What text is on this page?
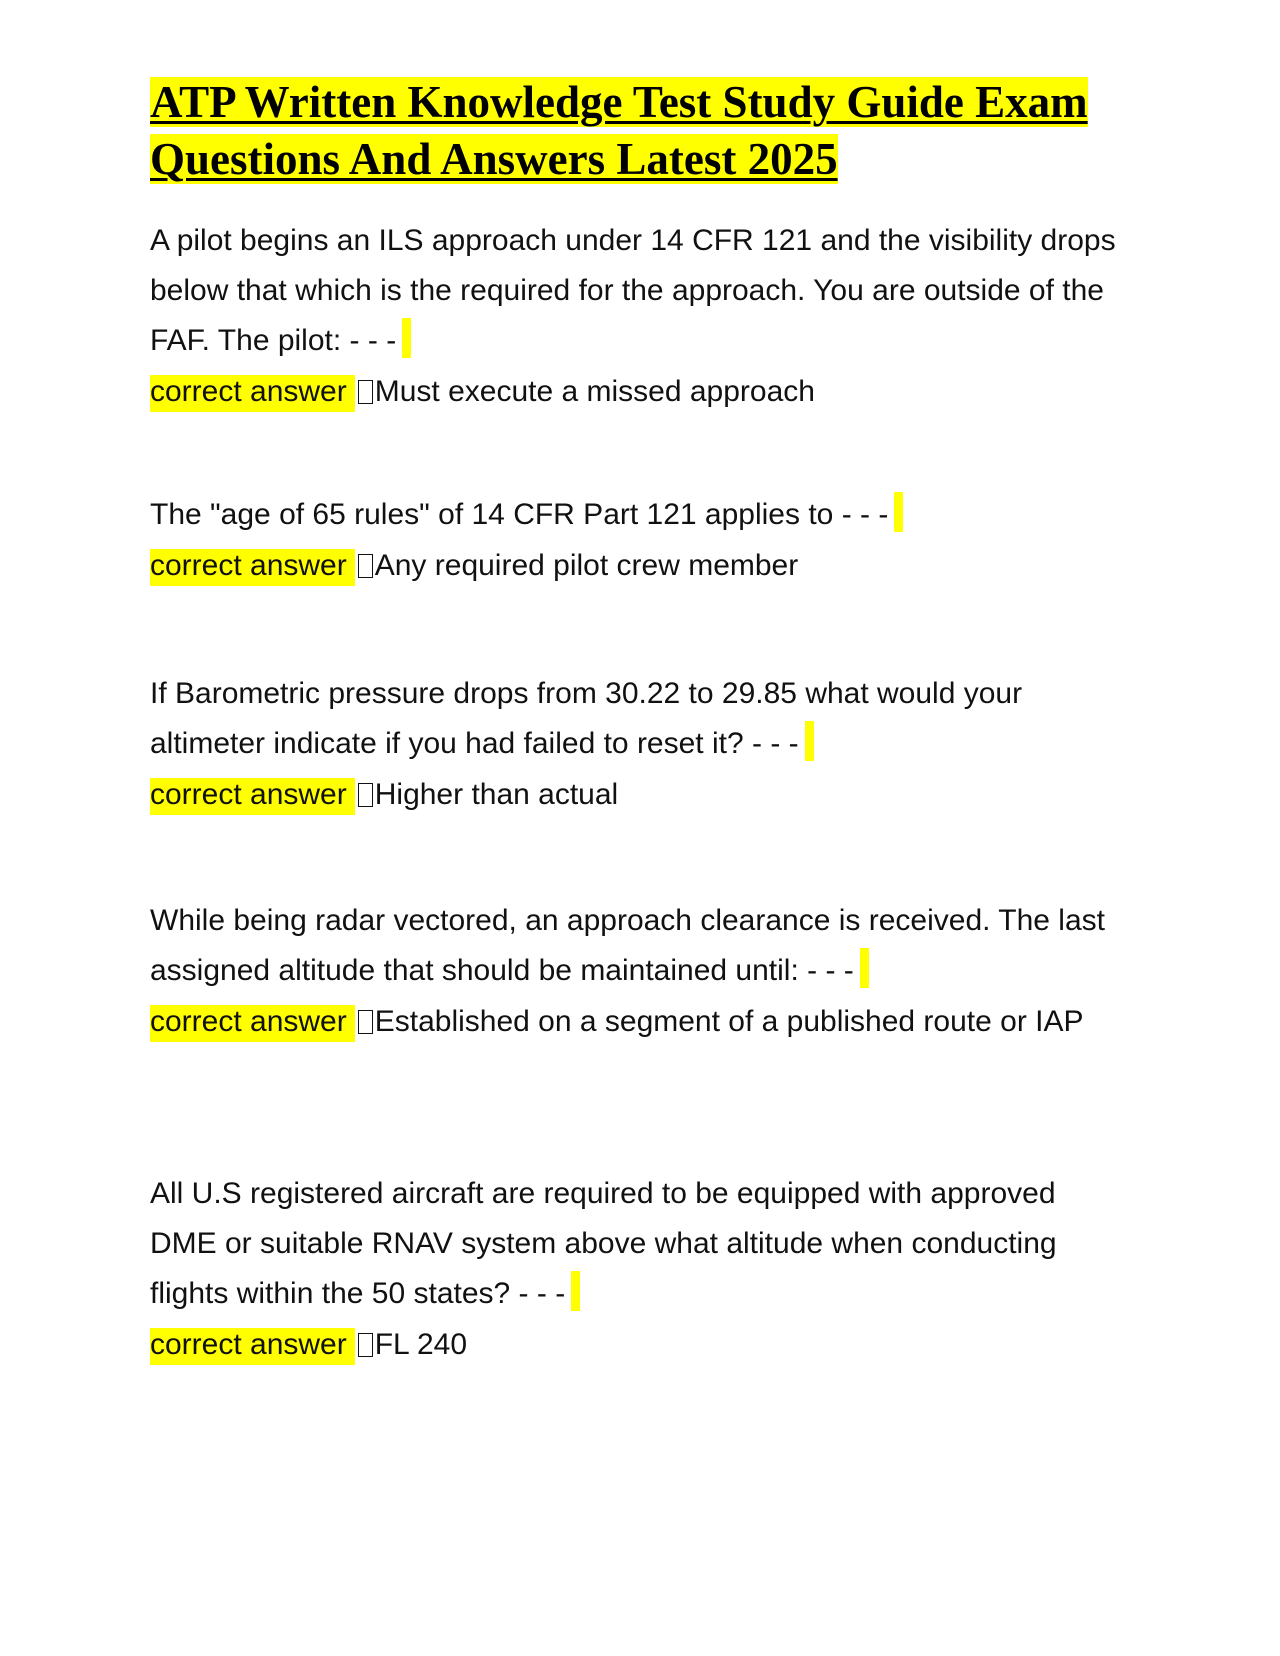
ATP Written Knowledge Test Study Guide Exam Questions And Answers Latest 2025

A pilot begins an ILS approach under 14 CFR 121 and the visibility drops below that which is the required for the approach. You are outside of the FAF. The pilot: - - -

correct answer Must execute a missed approach

The "age of 65 rules" of 14 CFR Part 121 applies to - - -

correct answer Any required pilot crew member

If Barometric pressure drops from 30.22 to 29.85 what would your altimeter indicate if you had failed to reset it? - - -

correct answer Higher than actual

While being radar vectored, an approach clearance is received. The last assigned altitude that should be maintained until: - - -

correct answer Established on a segment of a published route or IAP

All U.S registered aircraft are required to be equipped with approved DME or suitable RNAV system above what altitude when conducting flights within the 50 states? - - -

correct answer FL 240
